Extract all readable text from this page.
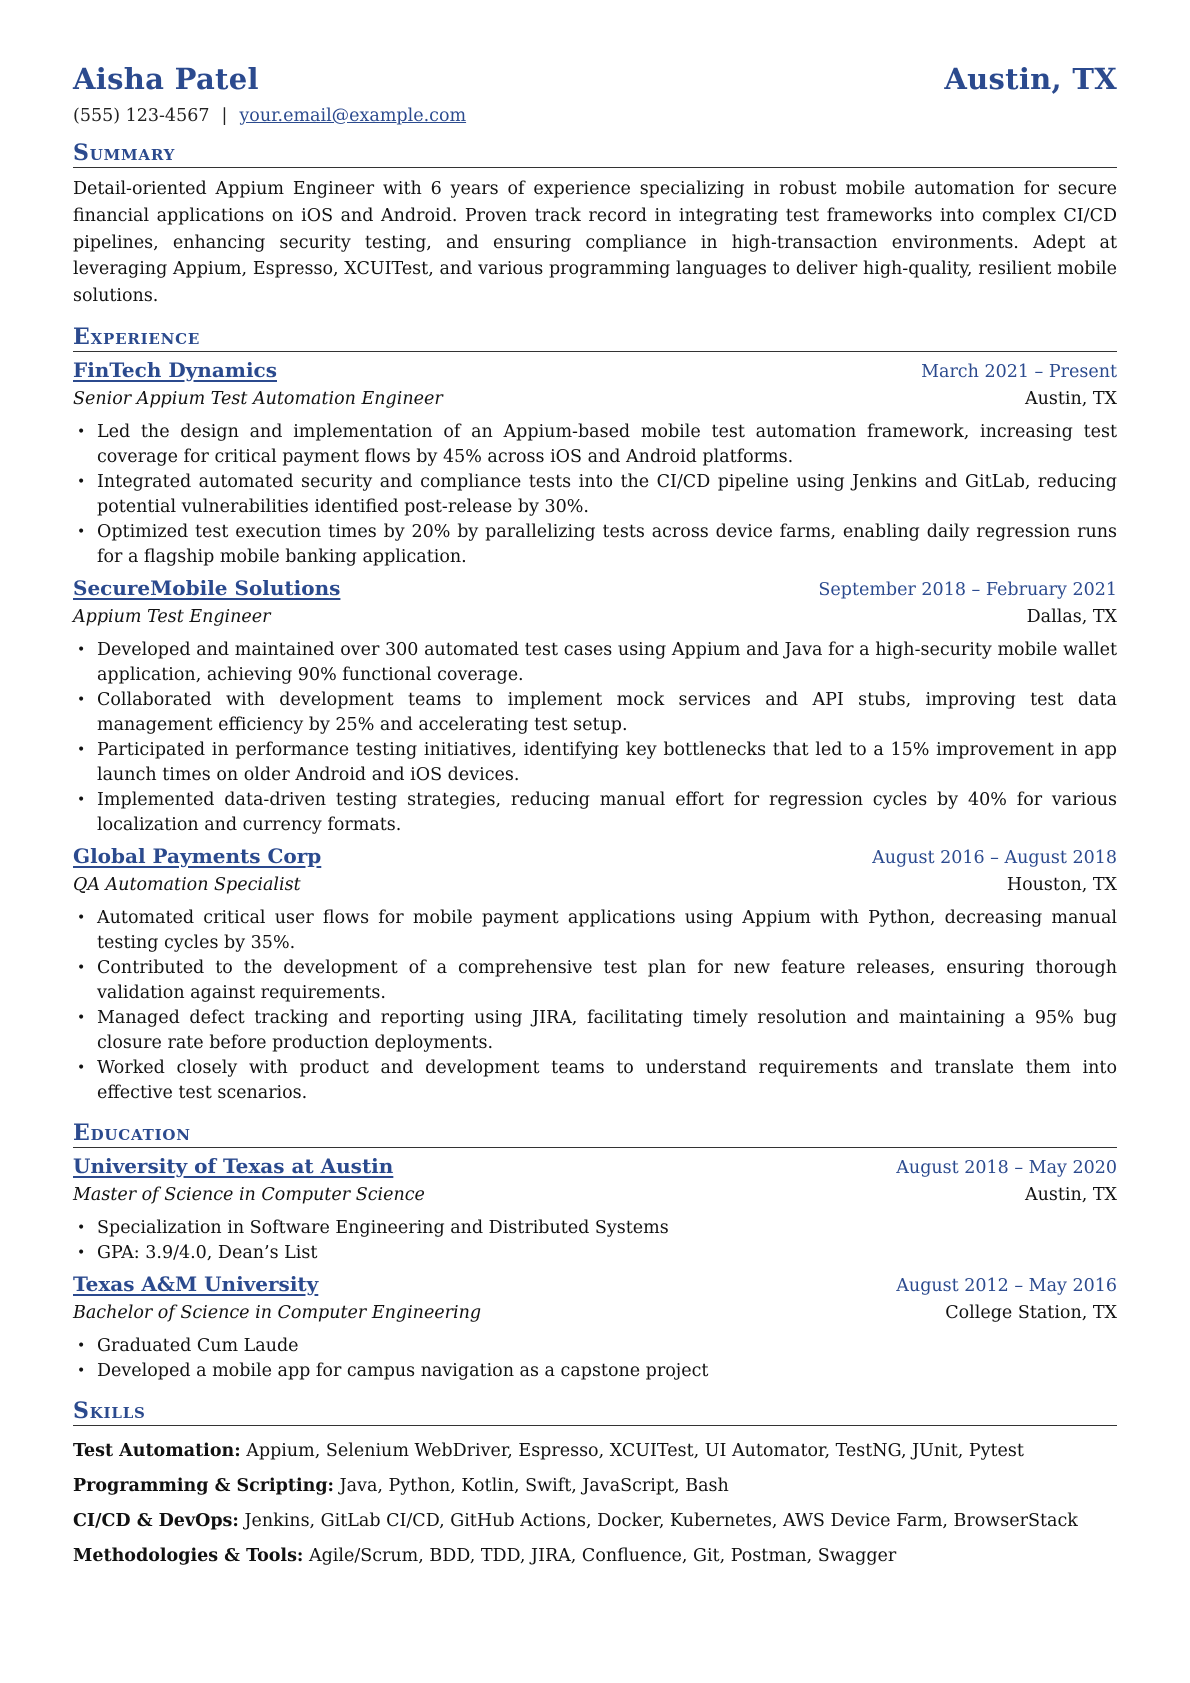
Aisha Patel	Austin, TX
(555) 123-4567 | your.email@example.com
Summary
Detail-oriented Appium Engineer with 6 years of experience specializing in robust mobile automation for secure financial applications on iOS and Android. Proven track record in integrating test frameworks into complex CI/CD pipelines, enhancing security testing, and ensuring compliance in high-transaction environments. Adept at leveraging Appium, Espresso, XCUITest, and various programming languages to deliver high-quality, resilient mobile solutions.
Experience
FinTech Dynamics	March 2021 – Present
Senior Appium Test Automation Engineer	Austin, TX
• Led the design and implementation of an Appium-based mobile test automation framework, increasing test coverage for critical payment flows by 45% across iOS and Android platforms.
• Integrated automated security and compliance tests into the CI/CD pipeline using Jenkins and GitLab, reducing potential vulnerabilities identified post-release by 30%.
• Optimized test execution times by 20% by parallelizing tests across device farms, enabling daily regression runs for a flagship mobile banking application.
SecureMobile Solutions	September 2018 – February 2021
Appium Test Engineer	Dallas, TX
• Developed and maintained over 300 automated test cases using Appium and Java for a high-security mobile wallet application, achieving 90% functional coverage.
• Collaborated with development teams to implement mock services and API stubs, improving test data management efficiency by 25% and accelerating test setup.
• Participated in performance testing initiatives, identifying key bottlenecks that led to a 15% improvement in app launch times on older Android and iOS devices.
• Implemented data-driven testing strategies, reducing manual effort for regression cycles by 40% for various localization and currency formats.
Global Payments Corp	August 2016 – August 2018
QA Automation Specialist	Houston, TX
• Automated critical user flows for mobile payment applications using Appium with Python, decreasing manual testing cycles by 35%.
• Contributed to the development of a comprehensive test plan for new feature releases, ensuring thorough validation against requirements.
• Managed defect tracking and reporting using JIRA, facilitating timely resolution and maintaining a 95% bug closure rate before production deployments.
• Worked closely with product and development teams to understand requirements and translate them into effective test scenarios.
Education
University of Texas at Austin	August 2018 – May 2020
Master of Science in Computer Science	Austin, TX
• Specialization in Software Engineering and Distributed Systems
• GPA: 3.9/4.0, Dean’s List
Texas A&M University	August 2012 – May 2016
Bachelor of Science in Computer Engineering	College Station, TX
• Graduated Cum Laude
• Developed a mobile app for campus navigation as a capstone project
Skills
Test Automation: Appium, Selenium WebDriver, Espresso, XCUITest, UI Automator, TestNG, JUnit, Pytest
Programming & Scripting: Java, Python, Kotlin, Swift, JavaScript, Bash
CI/CD & DevOps: Jenkins, GitLab CI/CD, GitHub Actions, Docker, Kubernetes, AWS Device Farm, BrowserStack
Methodologies & Tools: Agile/Scrum, BDD, TDD, JIRA, Confluence, Git, Postman, Swagger
